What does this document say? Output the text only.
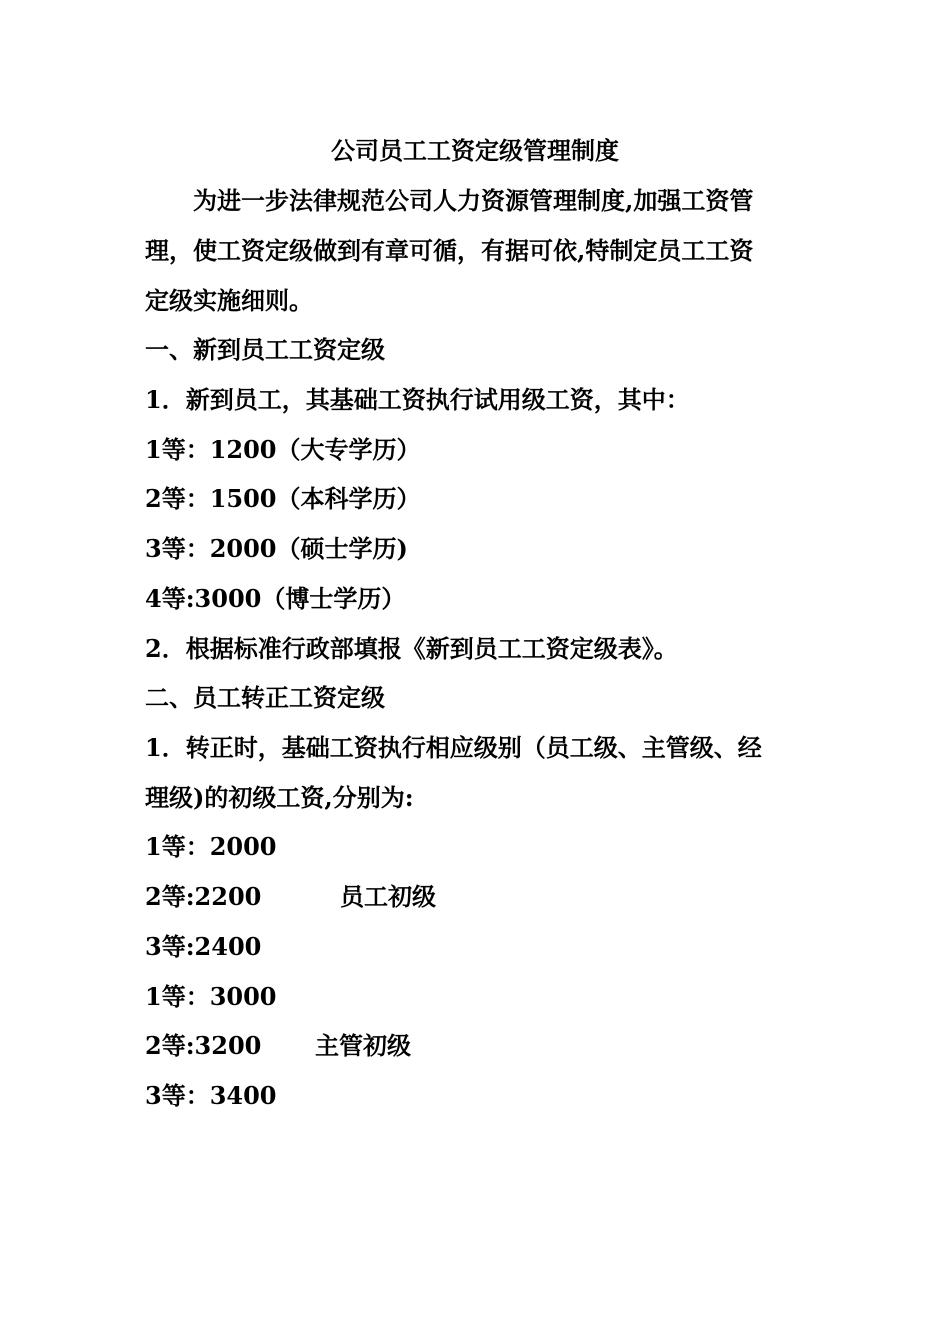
公司员工工资定级管理制度
为进一步法律规范公司人力资源管理制度,加强工资管
理，使工资定级做到有章可循，有据可依,特制定员工工资
定级实施细则。
一、新到员工工资定级
1．新到员工，其基础工资执行试用级工资，其中：
1等：1200（大专学历）
2等：1500（本科学历）
3等：2000（硕士学历)
4等:3000（博士学历）
2．根据标准行政部填报《新到员工工资定级表》。
二、员工转正工资定级
1．转正时，基础工资执行相应级别（员工级、主管级、经
理级)的初级工资,分别为:
1等：2000
2等:2200	员工初级
3等:2400
1等：3000
2等:3200 主管初级
3等：3400
